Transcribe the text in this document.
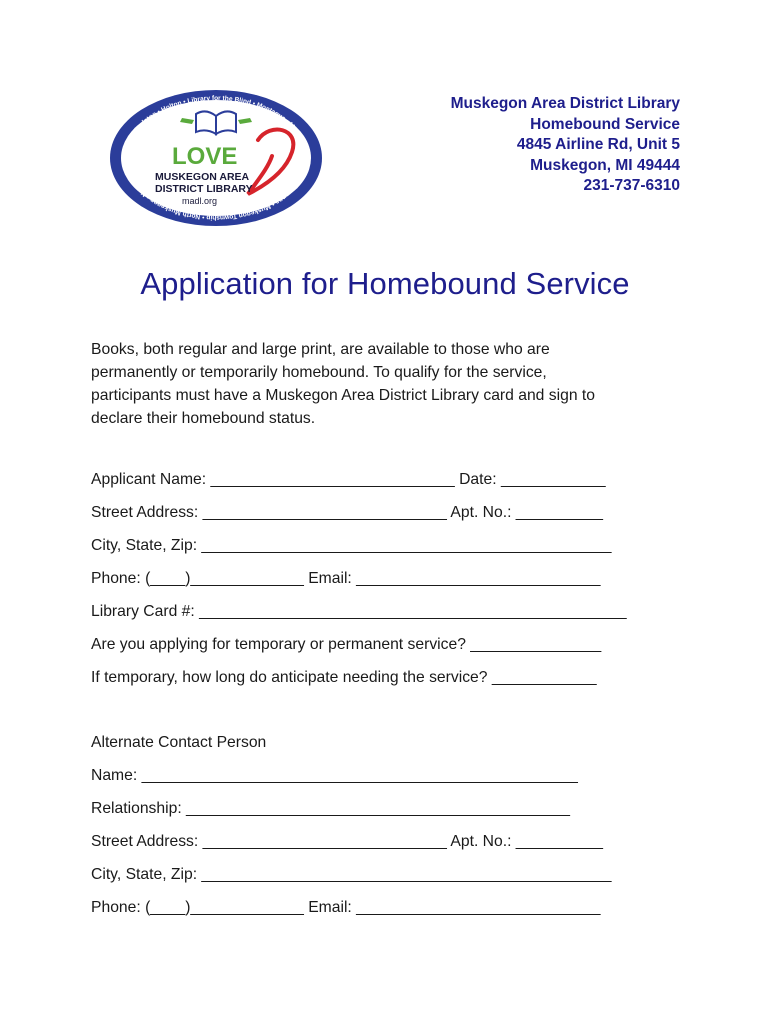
Dalton • Egelston • Holton • Library for the Blind • Montague • Muskegon Heights • Ravenna • Muskegon Township • North Muskegon • Norton Shore	LOVE
MUSKEGON AREA
DISTRICT LIBRARY
madl.org
Muskegon Area District Library
Homebound Service
4845 Airline Rd, Unit 5
Muskegon, MI 49444
231-737-6310
Application for Homebound Service
Books, both regular and large print, are available to those who are
permanently or temporarily homebound. To qualify for the service,
participants must have a Muskegon Area District Library card and sign to
declare their homebound status.
Applicant Name: ____________________________ Date: ____________
Street Address: ____________________________ Apt. No.: __________
City, State, Zip: _______________________________________________
Phone: (____)_____________ Email: ____________________________
Library Card #: _________________________________________________
Are you applying for temporary or permanent service? _______________
If temporary, how long do anticipate needing the service? ____________
Alternate Contact Person
Name: __________________________________________________
Relationship: ____________________________________________
Street Address: ____________________________ Apt. No.: __________
City, State, Zip: _______________________________________________
Phone: (____)_____________ Email: ____________________________
